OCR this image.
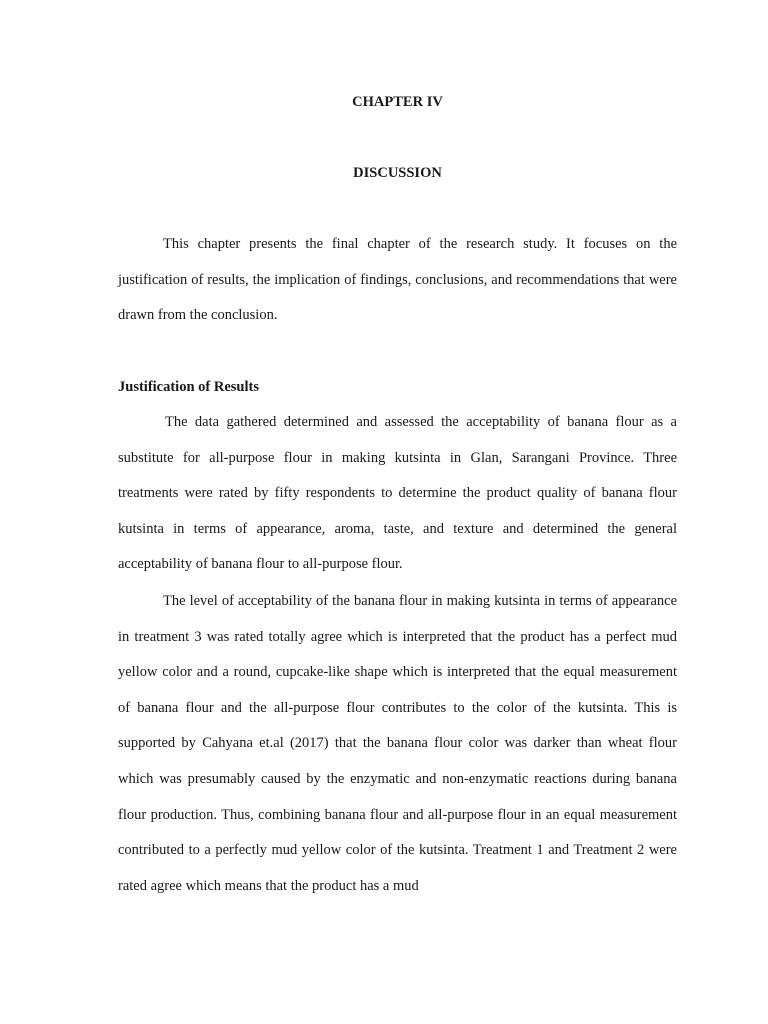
CHAPTER IV
DISCUSSION

This chapter presents the final chapter of the research study. It focuses on the justification of results, the implication of findings, conclusions, and recommendations that were drawn from the conclusion.

Justification of Results

The data gathered determined and assessed the acceptability of banana flour as a substitute for all-purpose flour in making kutsinta in Glan, Sarangani Province. Three treatments were rated by fifty respondents to determine the product quality of banana flour kutsinta in terms of appearance, aroma, taste, and texture and determined the general acceptability of banana flour to all-purpose flour.

The level of acceptability of the banana flour in making kutsinta in terms of appearance in treatment 3 was rated totally agree which is interpreted that the product has a perfect mud yellow color and a round, cupcake-like shape which is interpreted that the equal measurement of banana flour and the all-purpose flour contributes to the color of the kutsinta. This is supported by Cahyana et.al (2017) that the banana flour color was darker than wheat flour which was presumably caused by the enzymatic and non-enzymatic reactions during banana flour production. Thus, combining banana flour and all-purpose flour in an equal measurement contributed to a perfectly mud yellow color of the kutsinta. Treatment 1 and Treatment 2 were rated agree which means that the product has a mud
